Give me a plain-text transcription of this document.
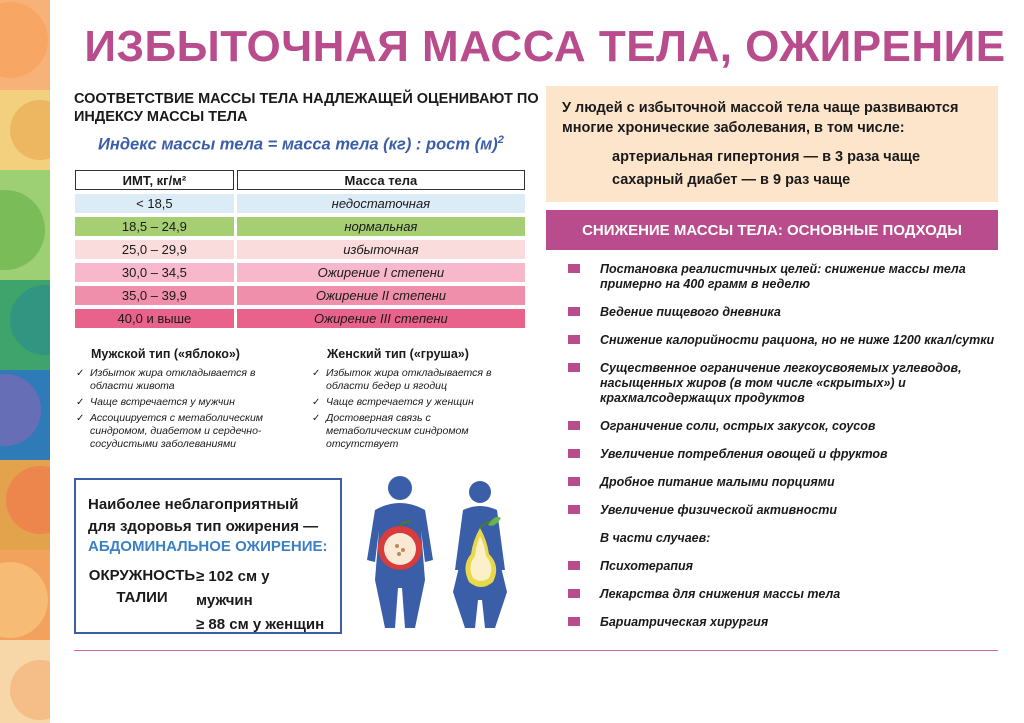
ИЗБЫТОЧНАЯ МАССА ТЕЛА, ОЖИРЕНИЕ
СООТВЕТСТВИЕ МАССЫ ТЕЛА НАДЛЕЖАЩЕЙ ОЦЕНИВАЮТ ПО ИНДЕКСУ МАССЫ ТЕЛА
Индекс массы тела = масса тела (кг) : рост $(м)^2$
ИМТ, кг/м²	Масса тела
< 18,5	недостаточная
18,5 – 24,9	нормальная
25,0 – 29,9	избыточная
30,0 – 34,5	Ожирение I степени
35,0 – 39,9	Ожирение II степени
40,0 и выше	Ожирение III степени
Мужской тип («яблоко»)
✓ Избыток жира откладывается в области живота
✓ Чаще встречается у мужчин
✓ Ассоциируется с метаболическим синдромом, диабетом и сердечно-сосудистыми заболеваниями
Женский тип («груша»)
✓ Избыток жира откладывается в области бедер и ягодиц
✓ Чаще встречается у женщин
✓ Достоверная связь с метаболическим синдромом отсутствует
Наиболее неблагоприятный для здоровья тип ожирения —
АБДОМИНАЛЬНОЕ ОЖИРЕНИЕ:
ОКРУЖНОСТЬ ТАЛИИ
≥ 102 см у мужчин
≥ 88 см у женщин
У людей с избыточной массой тела чаще развиваются многие хронические заболевания, в том числе:
артериальная гипертония — в 3 раза чаще
сахарный диабет — в 9 раз чаще
СНИЖЕНИЕ МАССЫ ТЕЛА: ОСНОВНЫЕ ПОДХОДЫ
Постановка реалистичных целей: снижение массы тела примерно на 400 грамм в неделю
Ведение пищевого дневника
Снижение калорийности рациона, но не ниже 1200 ккал/сутки
Существенное ограничение легкоусвояемых углеводов, насыщенных жиров (в том числе «скрытых») и крахмалсодержащих продуктов
Ограничение соли, острых закусок, соусов
Увеличение потребления овощей и фруктов
Дробное питание малыми порциями
Увеличение физической активности
В части случаев:
Психотерапия
Лекарства для снижения массы тела
Бариатрическая хирургия
